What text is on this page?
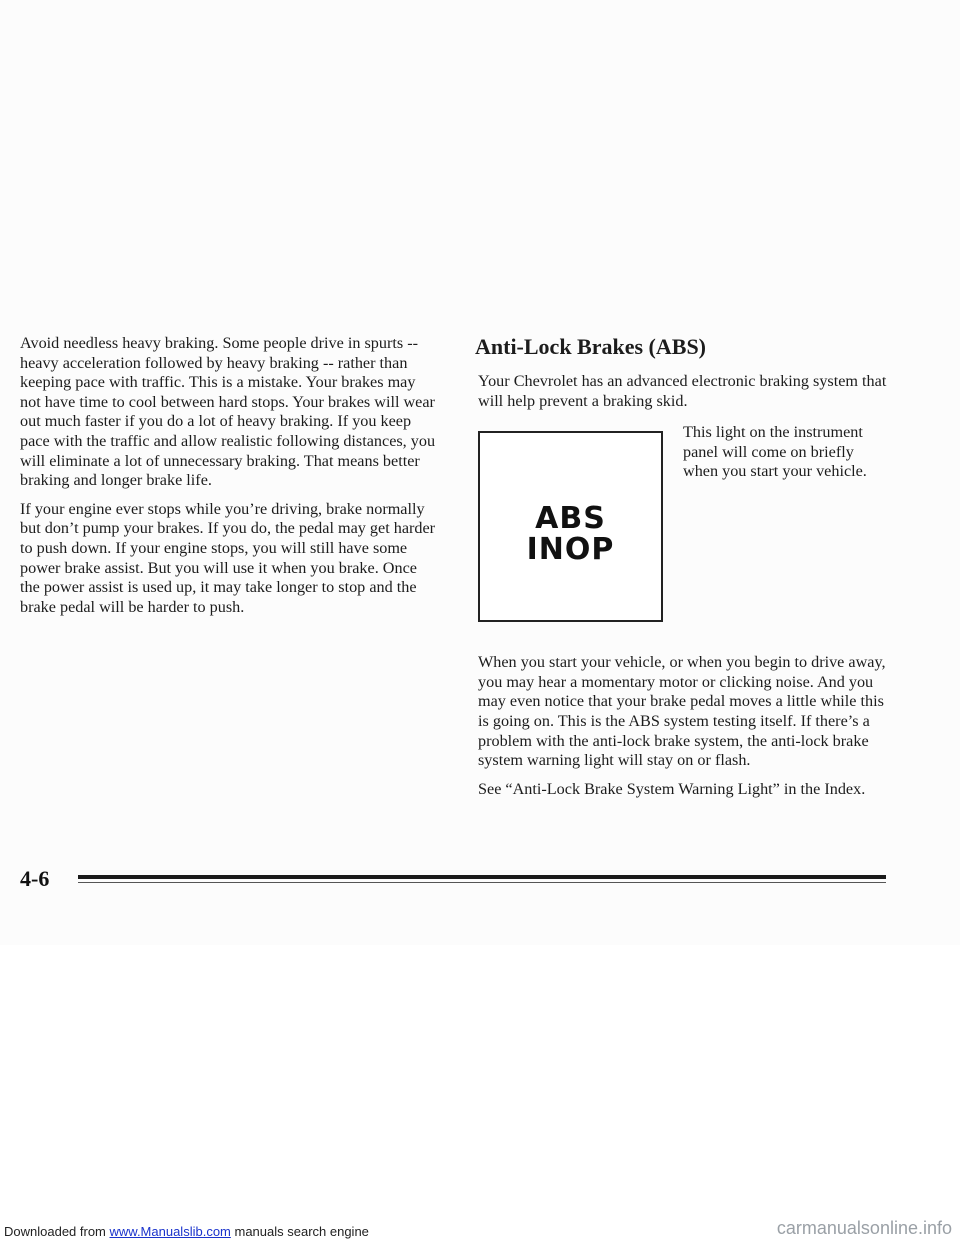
Avoid needless heavy braking. Some people drive in spurts -- heavy acceleration followed by heavy braking -- rather than keeping pace with traffic. This is a mistake. Your brakes may not have time to cool between hard stops. Your brakes will wear out much faster if you do a lot of heavy braking. If you keep pace with the traffic and allow realistic following distances, you will eliminate a lot of unnecessary braking. That means better braking and longer brake life.

If your engine ever stops while you’re driving, brake normally but don’t pump your brakes. If you do, the pedal may get harder to push down. If your engine stops, you will still have some power brake assist. But you will use it when you brake. Once the power assist is used up, it may take longer to stop and the brake pedal will be harder to push.

Anti-Lock Brakes (ABS)

Your Chevrolet has an advanced electronic braking system that will help prevent a braking skid.

ABS
INOP
This light on the instrument panel will come on briefly when you start your vehicle.

When you start your vehicle, or when you begin to drive away, you may hear a momentary motor or clicking noise. And you may even notice that your brake pedal moves a little while this is going on. This is the ABS system testing itself. If there’s a problem with the anti-lock brake system, the anti-lock brake system warning light will stay on or flash.

See “Anti-Lock Brake System Warning Light” in the Index.

4-6
Downloaded from www.Manualslib.com manuals search engine	carmanualsonline.info
